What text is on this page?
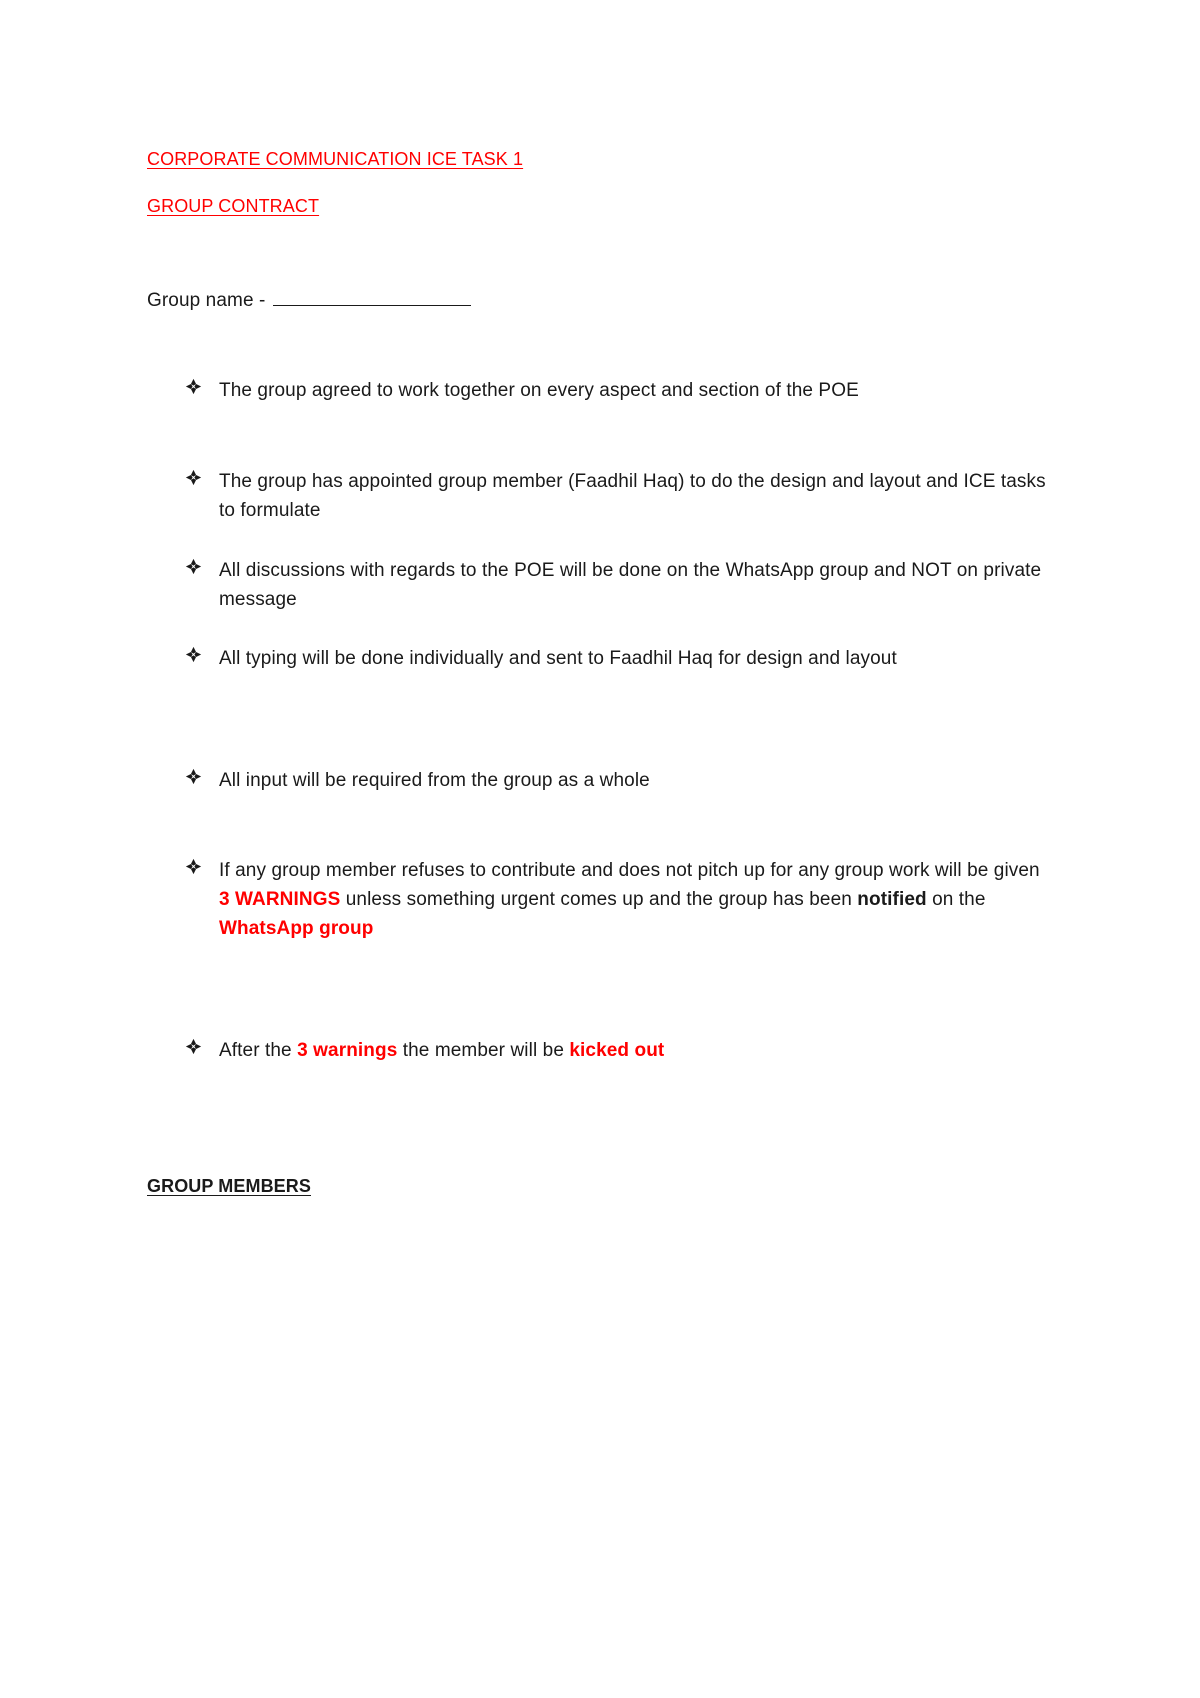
CORPORATE COMMUNICATION ICE TASK 1
GROUP CONTRACT
Group name -
The group agreed to work together on every aspect and section of the POE
The group has appointed group member (Faadhil Haq) to do the design and layout and ICE tasks to formulate
All discussions with regards to the POE will be done on the WhatsApp group and NOT on private message
All typing will be done individually and sent to Faadhil Haq for design and layout
All input will be required from the group as a whole
If any group member refuses to contribute and does not pitch up for any group work will be given 3 WARNINGS unless something urgent comes up and the group has been notified on the WhatsApp group
After the 3 warnings the member will be kicked out
GROUP MEMBERS
